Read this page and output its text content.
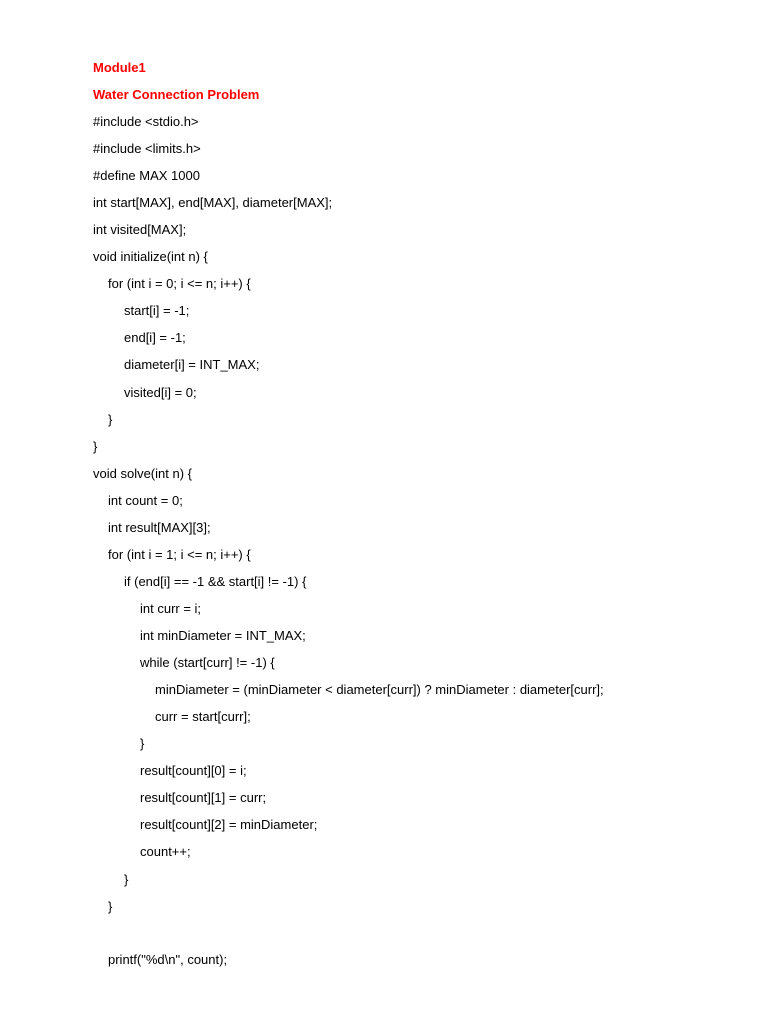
Module1
Water Connection Problem
#include <stdio.h>
#include <limits.h>
#define MAX 1000
int start[MAX], end[MAX], diameter[MAX];
int visited[MAX];
void initialize(int n) {
for (int i = 0; i <= n; i++) {
start[i] = -1;
end[i] = -1;
diameter[i] = INT_MAX;
visited[i] = 0;
}
}
void solve(int n) {
int count = 0;
int result[MAX][3];
for (int i = 1; i <= n; i++) {
if (end[i] == -1 && start[i] != -1) {
int curr = i;
int minDiameter = INT_MAX;
while (start[curr] != -1) {
minDiameter = (minDiameter < diameter[curr]) ? minDiameter : diameter[curr];
curr = start[curr];
}
result[count][0] = i;
result[count][1] = curr;
result[count][2] = minDiameter;
count++;
}
}
printf("%d\n", count);
